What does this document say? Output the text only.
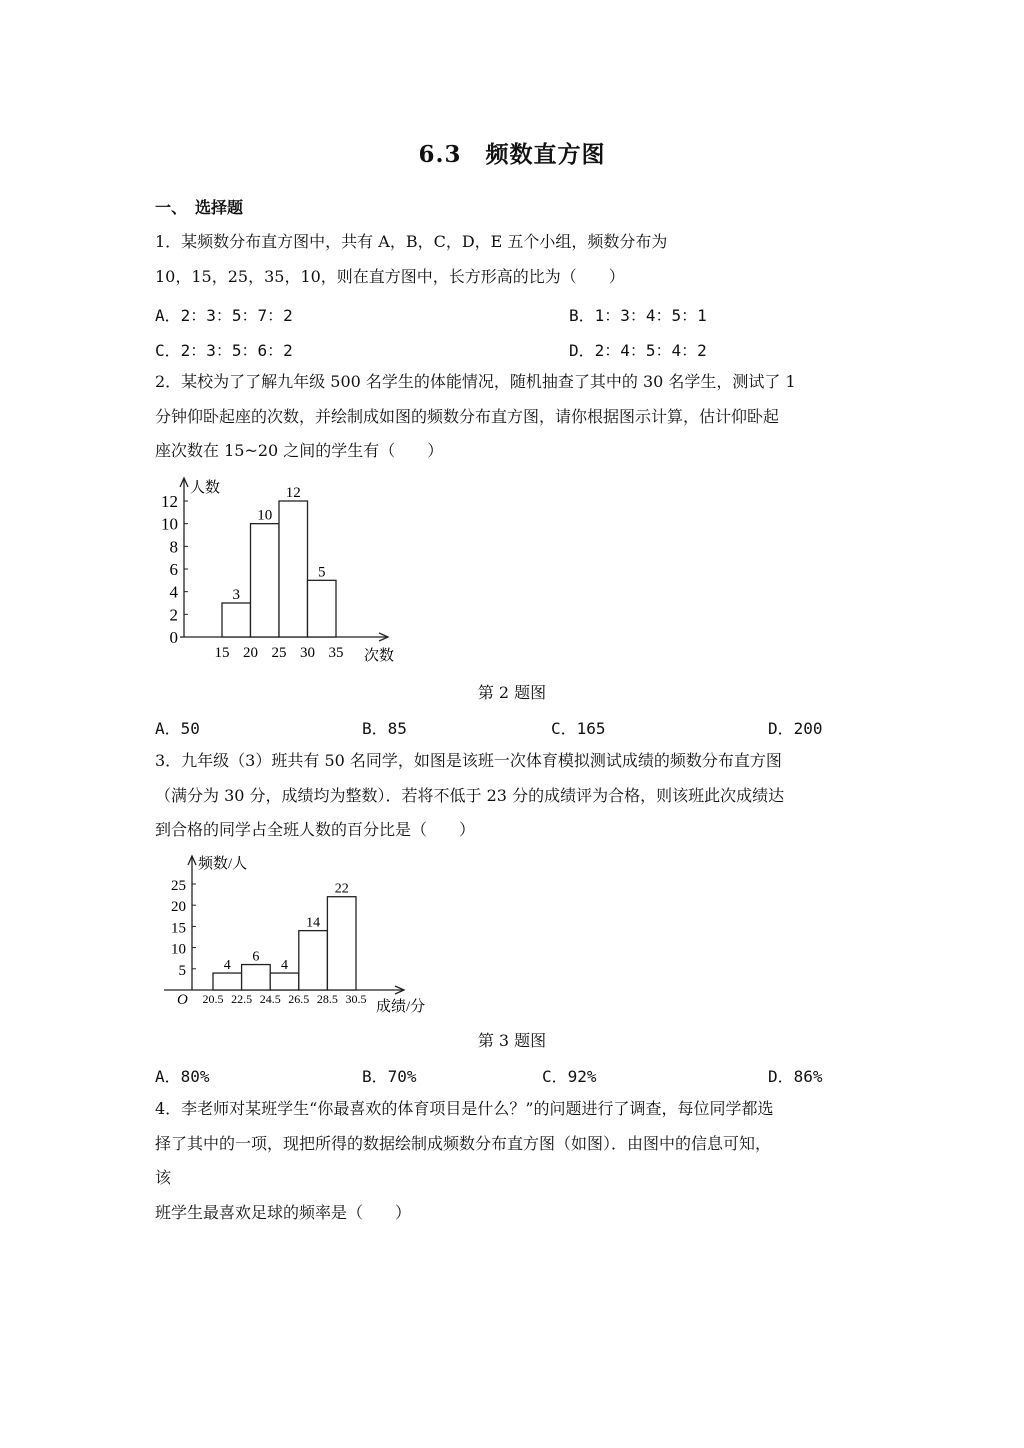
6.3　频数直方图
一、　选择题
1．某频数分布直方图中，共有 A，B，C，D，E 五个小组，频数分布为
10，15，25，35，10，则在直方图中，长方形高的比为（　　）
A．2：3：5：7：2	B．1：3：4：5：1
C．2：3：5：6：2	D．2：4：5：4：2
2．某校为了了解九年级 500 名学生的体能情况，随机抽查了其中的 30 名学生，测试了 1
分钟仰卧起座的次数，并绘制成如图的频数分布直方图，请你根据图示计算，估计仰卧起
座次数在 15~20 之间的学生有（　　）
0
2
4
6
8
10
12
3
10
12
5
15 20 25 30 35
人数
次数
第 2 题图
A．50	B．85	C．165	D．200
3．九年级（3）班共有 50 名同学，如图是该班一次体育模拟测试成绩的频数分布直方图
（满分为 30 分，成绩均为整数）．若将不低于 23 分的成绩评为合格，则该班此次成绩达
到合格的同学占全班人数的百分比是（　　）
5
10
15
20
25
4
6
4
14
22
20.5 22.5 24.5 26.5 28.5 30.5
频数/人
成绩/分
O
第 3 题图
A．80%	B．70%	C．92%	D．86%
4．李老师对某班学生“你最喜欢的体育项目是什么？”的问题进行了调查，每位同学都选
择了其中的一项，现把所得的数据绘制成频数分布直方图（如图）．由图中的信息可知，
该
班学生最喜欢足球的频率是（　　）
